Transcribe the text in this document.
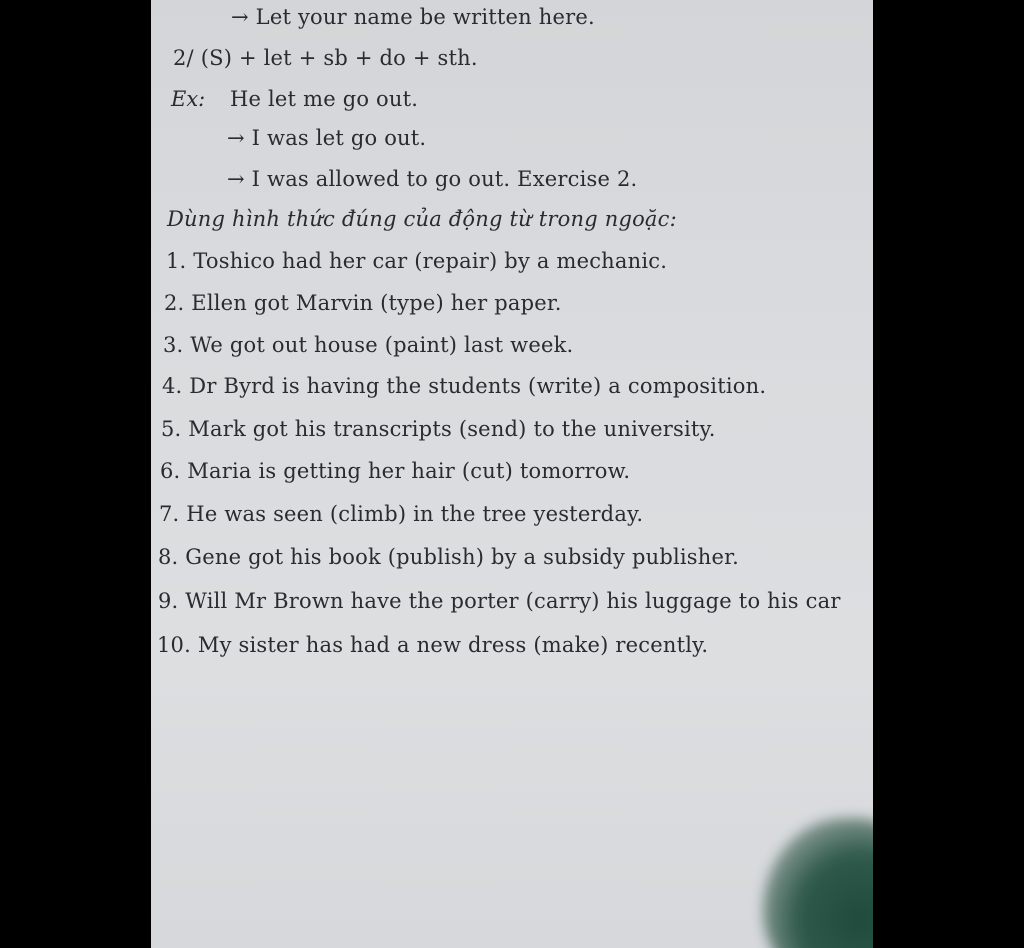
→ Let your name be written here.
2/ (S) + let + sb + do + sth.
Ex: He let me go out.
→ I was let go out.
→ I was allowed to go out. Exercise 2.
Dùng hình thức đúng của động từ trong ngoặc:
1. Toshico had her car (repair) by a mechanic.
2. Ellen got Marvin (type) her paper.
3. We got out house (paint) last week.
4. Dr Byrd is having the students (write) a composition.
5. Mark got his transcripts (send) to the university.
6. Maria is getting her hair (cut) tomorrow.
7. He was seen (climb) in the tree yesterday.
8. Gene got his book (publish) by a subsidy publisher.
9. Will Mr Brown have the porter (carry) his luggage to his car
10. My sister has had a new dress (make) recently.
